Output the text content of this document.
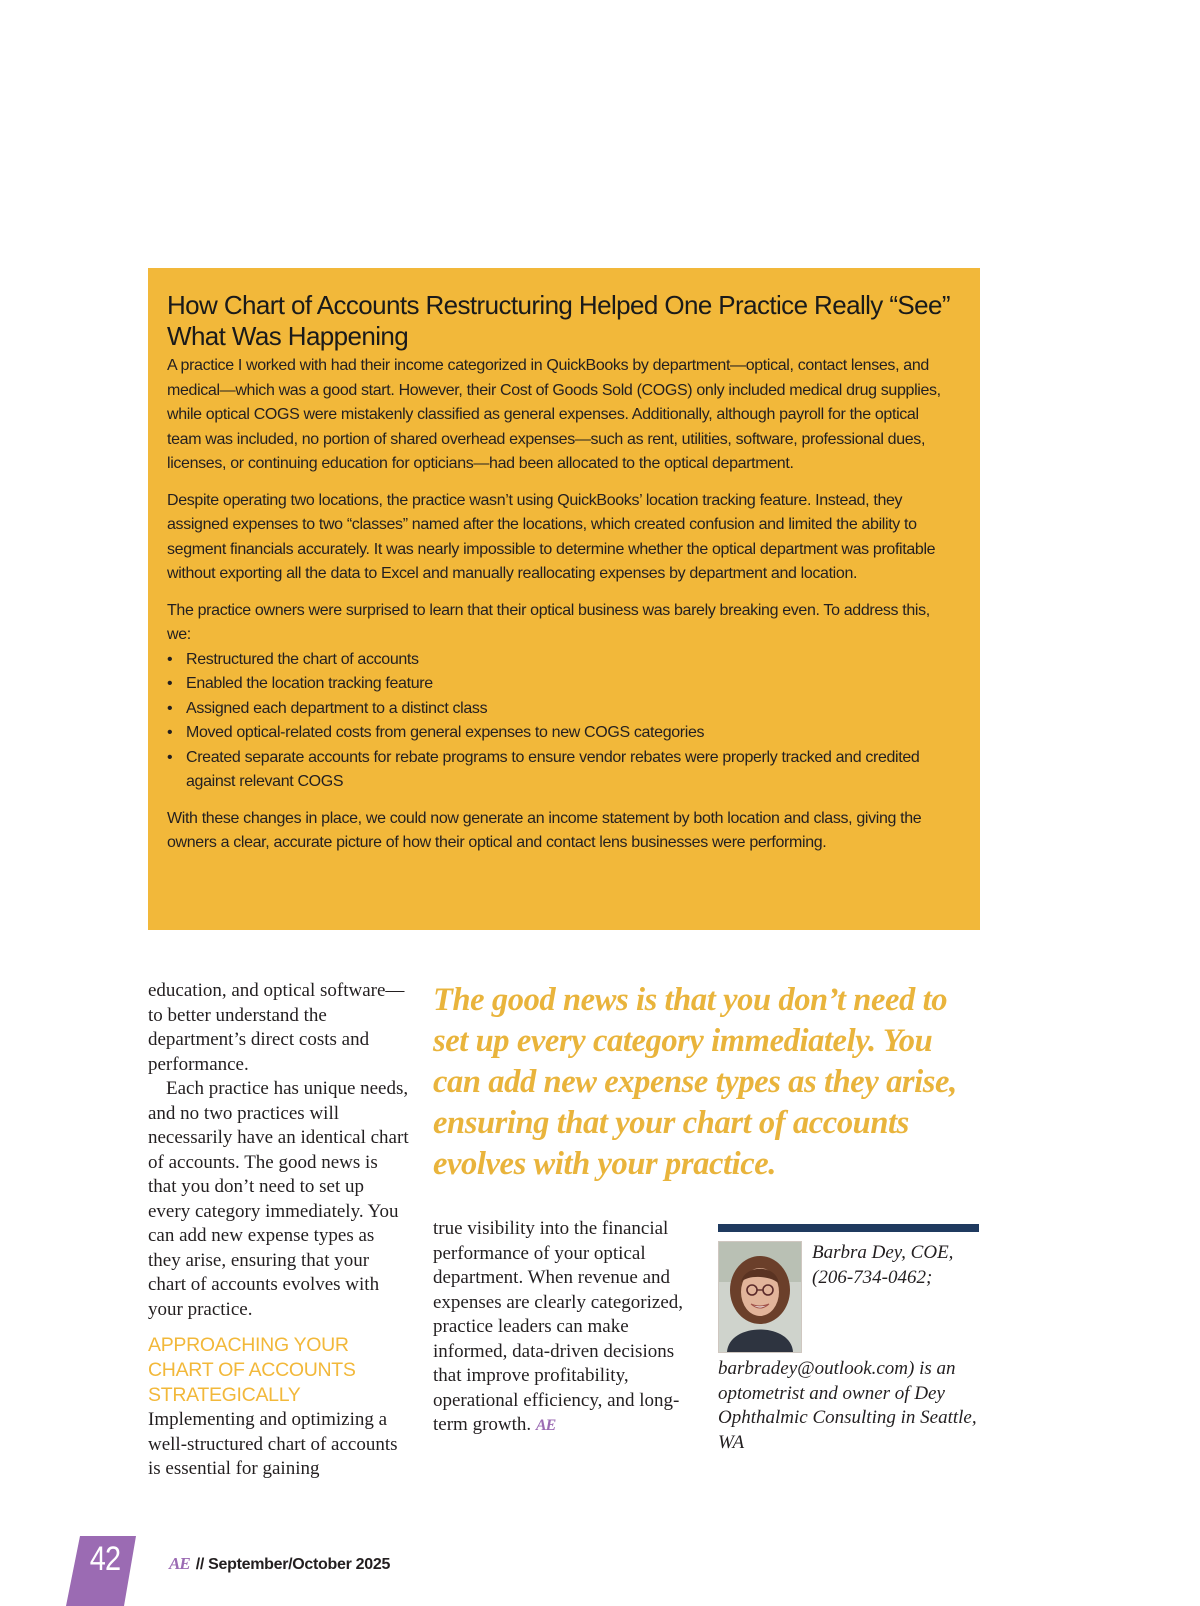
How Chart of Accounts Restructuring Helped One Practice Really “See” What Was Happening

A practice I worked with had their income categorized in QuickBooks by department—optical, contact lenses, and medical—which was a good start. However, their Cost of Goods Sold (COGS) only included medical drug supplies, while optical COGS were mistakenly classified as general expenses. Additionally, although payroll for the optical team was included, no portion of shared overhead expenses—such as rent, utilities, software, professional dues, licenses, or continuing education for opticians—had been allocated to the optical department.

Despite operating two locations, the practice wasn’t using QuickBooks’ location tracking feature. Instead, they assigned expenses to two “classes” named after the locations, which created confusion and limited the ability to segment financials accurately. It was nearly impossible to determine whether the optical department was profitable without exporting all the data to Excel and manually reallocating expenses by department and location.

The practice owners were surprised to learn that their optical business was barely breaking even. To address this, we:

• Restructured the chart of accounts
• Enabled the location tracking feature
• Assigned each department to a distinct class
• Moved optical-related costs from general expenses to new COGS categories
• Created separate accounts for rebate programs to ensure vendor rebates were properly tracked and credited against relevant COGS

With these changes in place, we could now generate an income statement by both location and class, giving the owners a clear, accurate picture of how their optical and contact lens businesses were performing.

education, and optical software—to better understand the department’s direct costs and performance.

Each practice has unique needs, and no two practices will necessarily have an identical chart of accounts. The good news is that you don’t need to set up every category immediately. You can add new expense types as they arise, ensuring that your chart of accounts evolves with your practice.

APPROACHING YOUR CHART OF ACCOUNTS STRATEGICALLY

Implementing and optimizing a well-structured chart of accounts is essential for gaining

The good news is that you don’t need to set up every category immediately. You can add new expense types as they arise, ensuring that your chart of accounts evolves with your practice.

true visibility into the financial performance of your optical department. When revenue and expenses are clearly categorized, practice leaders can make informed, data-driven decisions that improve profitability, operational efficiency, and long-term growth. AE

Barbra Dey, COE, (206-734-0462; barbradey@outlook.com) is an optometrist and owner of Dey Ophthalmic Consulting in Seattle, WA

42	AE // September/October 2025
